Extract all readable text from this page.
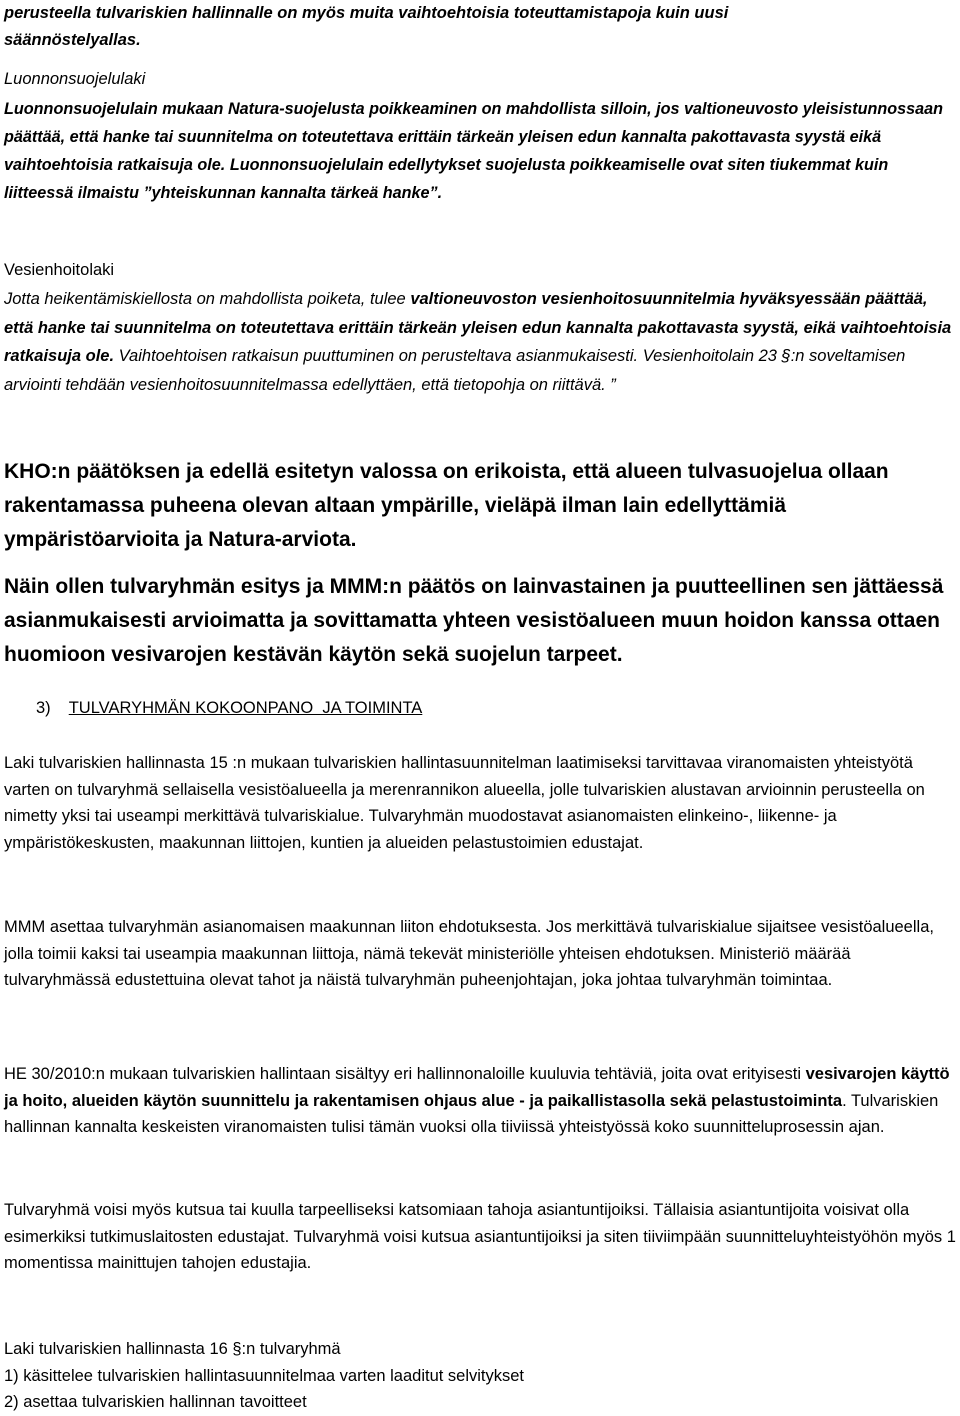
perusteella tulvariskien hallinnalle on myös muita vaihtoehtoisia toteuttamistapoja kuin uusi
säännöstelyallas.

Luonnonsuojelulaki

Luonnonsuojelulain mukaan Natura-suojelusta poikkeaminen on mahdollista silloin, jos valtioneuvosto yleisistunnossaan päättää, että hanke tai suunnitelma on toteutettava erittäin tärkeän yleisen edun kannalta pakottavasta syystä eikä vaihtoehtoisia ratkaisuja ole. Luonnonsuojelulain edellytykset suojelusta poikkeamiselle ovat siten tiukemmat kuin liitteessä ilmaistu ”yhteiskunnan kannalta tärkeä hanke”.

Vesienhoitolaki

Jotta heikentämiskiellosta on mahdollista poiketa, tulee valtioneuvoston vesienhoitosuunnitelmia hyväksyessään päättää, että hanke tai suunnitelma on toteutettava erittäin tärkeän yleisen edun kannalta pakottavasta syystä, eikä vaihtoehtoisia ratkaisuja ole. Vaihtoehtoisen ratkaisun puuttuminen on perusteltava asianmukaisesti. Vesienhoitolain 23 §:n soveltamisen arviointi tehdään vesienhoitosuunnitelmassa edellyttäen, että tietopohja on riittävä. ”

KHO:n päätöksen ja edellä esitetyn valossa on erikoista, että alueen tulvasuojelua ollaan rakentamassa puheena olevan altaan ympärille, vieläpä ilman lain edellyttämiä ympäristöarvioita ja Natura-arviota.

Näin ollen tulvaryhmän esitys ja MMM:n päätös on lainvastainen ja puutteellinen sen jättäessä asianmukaisesti arvioimatta ja sovittamatta yhteen vesistöalueen muun hoidon kanssa ottaen huomioon vesivarojen kestävän käytön sekä suojelun tarpeet.

3) TULVARYHMÄN KOKOONPANO  JA TOIMINTA

Laki tulvariskien hallinnasta 15 :n mukaan tulvariskien hallintasuunnitelman laatimiseksi tarvittavaa viranomaisten yhteistyötä varten on tulvaryhmä sellaisella vesistöalueella ja merenrannikon alueella, jolle tulvariskien alustavan arvioinnin perusteella on nimetty yksi tai useampi merkittävä tulvariskialue. Tulvaryhmän muodostavat asianomaisten elinkeino-, liikenne- ja ympäristökeskusten, maakunnan liittojen, kuntien ja alueiden pelastustoimien edustajat.

MMM asettaa tulvaryhmän asianomaisen maakunnan liiton ehdotuksesta. Jos merkittävä tulvariskialue sijaitsee vesistöalueella, jolla toimii kaksi tai useampia maakunnan liittoja, nämä tekevät ministeriölle yhteisen ehdotuksen. Ministeriö määrää tulvaryhmässä edustettuina olevat tahot ja näistä tulvaryhmän puheenjohtajan, joka johtaa tulvaryhmän toimintaa.

HE 30/2010:n mukaan tulvariskien hallintaan sisältyy eri hallinnonaloille kuuluvia tehtäviä, joita ovat erityisesti vesivarojen käyttö ja hoito, alueiden käytön suunnittelu ja rakentamisen ohjaus alue - ja paikallistasolla sekä pelastustoiminta. Tulvariskien hallinnan kannalta keskeisten viranomaisten tulisi tämän vuoksi olla tiiviissä yhteistyössä koko suunnitteluprosessin ajan.

Tulvaryhmä voisi myös kutsua tai kuulla tarpeelliseksi katsomiaan tahoja asiantuntijoiksi. Tällaisia asiantuntijoita voisivat olla esimerkiksi tutkimuslaitosten edustajat. Tulvaryhmä voisi kutsua asiantuntijoiksi ja siten tiiviimpään suunnitteluyhteistyöhön myös 1 momentissa mainittujen tahojen edustajia.

Laki tulvariskien hallinnasta 16 §:n tulvaryhmä

1) käsittelee tulvariskien hallintasuunnitelmaa varten laaditut selvitykset

2) asettaa tulvariskien hallinnan tavoitteet
